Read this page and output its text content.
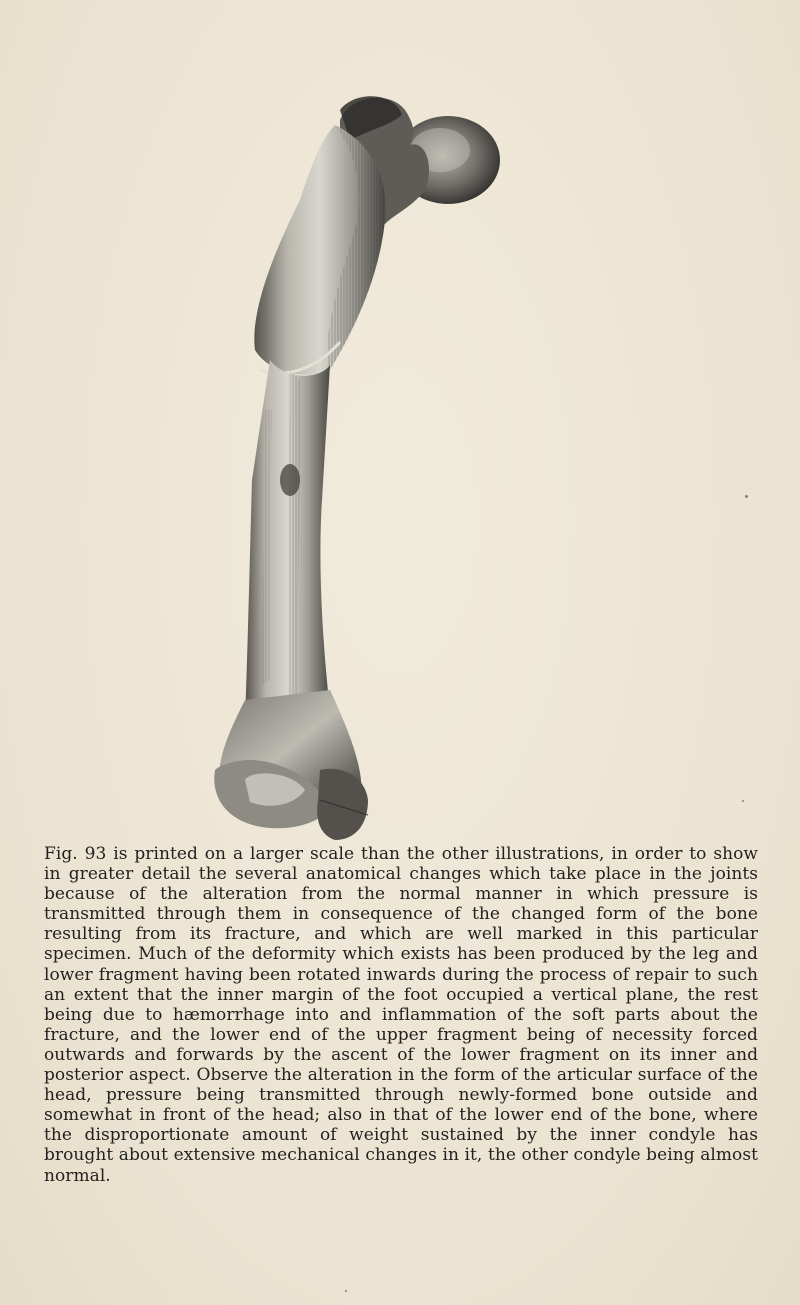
Fig. 93 is printed on a larger scale than the other illustrations, in order to show in greater detail the several anatomical changes which take place in the joints because of the alteration from the normal manner in which pressure is transmitted through them in consequence of the changed form of the bone resulting from its fracture, and which are well marked in this particular specimen. Much of the deformity which exists has been produced by the leg and lower fragment having been rotated inwards during the process of repair to such an extent that the inner margin of the foot occupied a vertical plane, the rest being due to hæmorrhage into and inflammation of the soft parts about the fracture, and the lower end of the upper fragment being of necessity forced outwards and forwards by the ascent of the lower fragment on its inner and posterior aspect. Observe the alteration in the form of the articular surface of the head, pressure being transmitted through newly-formed bone outside and somewhat in front of the head; also in that of the lower end of the bone, where the disproportionate amount of weight sustained by the inner condyle has brought about extensive mechanical changes in it, the other condyle being almost normal.
